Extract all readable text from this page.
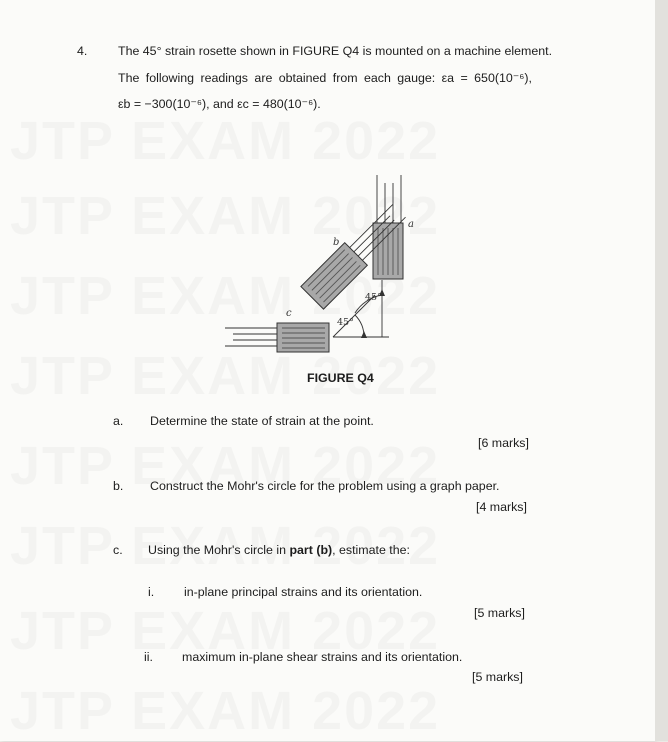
4. The 45° strain rosette shown in FIGURE Q4 is mounted on a machine element.
The following readings are obtained from each gauge: εa = 650(10⁻⁶),
εb = −300(10⁻⁶), and εc = 480(10⁻⁶).
a
b
c
45°
45°
FIGURE Q4
a. Determine the state of strain at the point.
[6 marks]
b. Construct the Mohr's circle for the problem using a graph paper.
[4 marks]
c. Using the Mohr's circle in part (b), estimate the:
i. in-plane principal strains and its orientation.
[5 marks]
ii. maximum in-plane shear strains and its orientation.
[5 marks]
